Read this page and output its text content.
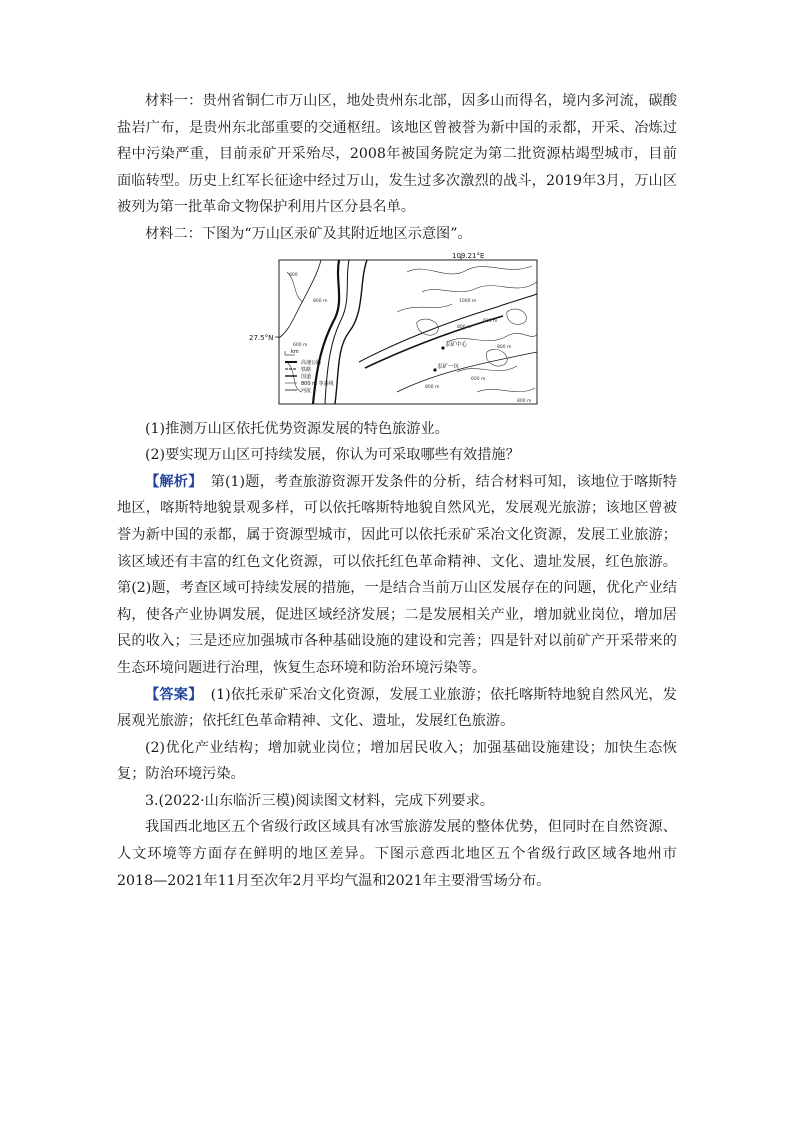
材料一：贵州省铜仁市万山区，地处贵州东北部，因多山而得名，境内多河流，碳酸盐岩广布，是贵州东北部重要的交通枢纽。该地区曾被誉为新中国的汞都，开采、冶炼过程中污染严重，目前汞矿开采殆尽，2008年被国务院定为第二批资源枯竭型城市，目前面临转型。历史上红军长征途中经过万山，发生过多次激烈的战斗，2019年3月，万山区被列为第一批革命文物保护利用片区分县名单。

材料二：下图为“万山区汞矿及其附近地区示意图”。

109.21°E
27.5°N
汞矿中心
汞矿一坑
km
高速公路
铁路
国道
800 m 等高线
河流
800
800 m
600 m
1000 m
800 m
600 m
800 m
800 m
600 m
800 m

(1)推测万山区依托优势资源发展的特色旅游业。

(2)要实现万山区可持续发展，你认为可采取哪些有效措施？

【解析】 第(1)题，考查旅游资源开发条件的分析，结合材料可知，该地位于喀斯特地区，喀斯特地貌景观多样，可以依托喀斯特地貌自然风光，发展观光旅游；该地区曾被誉为新中国的汞都，属于资源型城市，因此可以依托汞矿采冶文化资源，发展工业旅游；该区域还有丰富的红色文化资源，可以依托红色革命精神、文化、遗址发展，红色旅游。第(2)题，考查区域可持续发展的措施，一是结合当前万山区发展存在的问题，优化产业结构，使各产业协调发展，促进区域经济发展；二是发展相关产业，增加就业岗位，增加居民的收入；三是还应加强城市各种基础设施的建设和完善；四是针对以前矿产开采带来的生态环境问题进行治理，恢复生态环境和防治环境污染等。

【答案】 (1)依托汞矿采冶文化资源，发展工业旅游；依托喀斯特地貌自然风光，发展观光旅游；依托红色革命精神、文化、遗址，发展红色旅游。

(2)优化产业结构；增加就业岗位；增加居民收入；加强基础设施建设；加快生态恢复；防治环境污染。

3.(2022·山东临沂三模)阅读图文材料，完成下列要求。

我国西北地区五个省级行政区域具有冰雪旅游发展的整体优势，但同时在自然资源、人文环境等方面存在鲜明的地区差异。下图示意西北地区五个省级行政区域各地州市2018—2021年11月至次年2月平均气温和2021年主要滑雪场分布。
